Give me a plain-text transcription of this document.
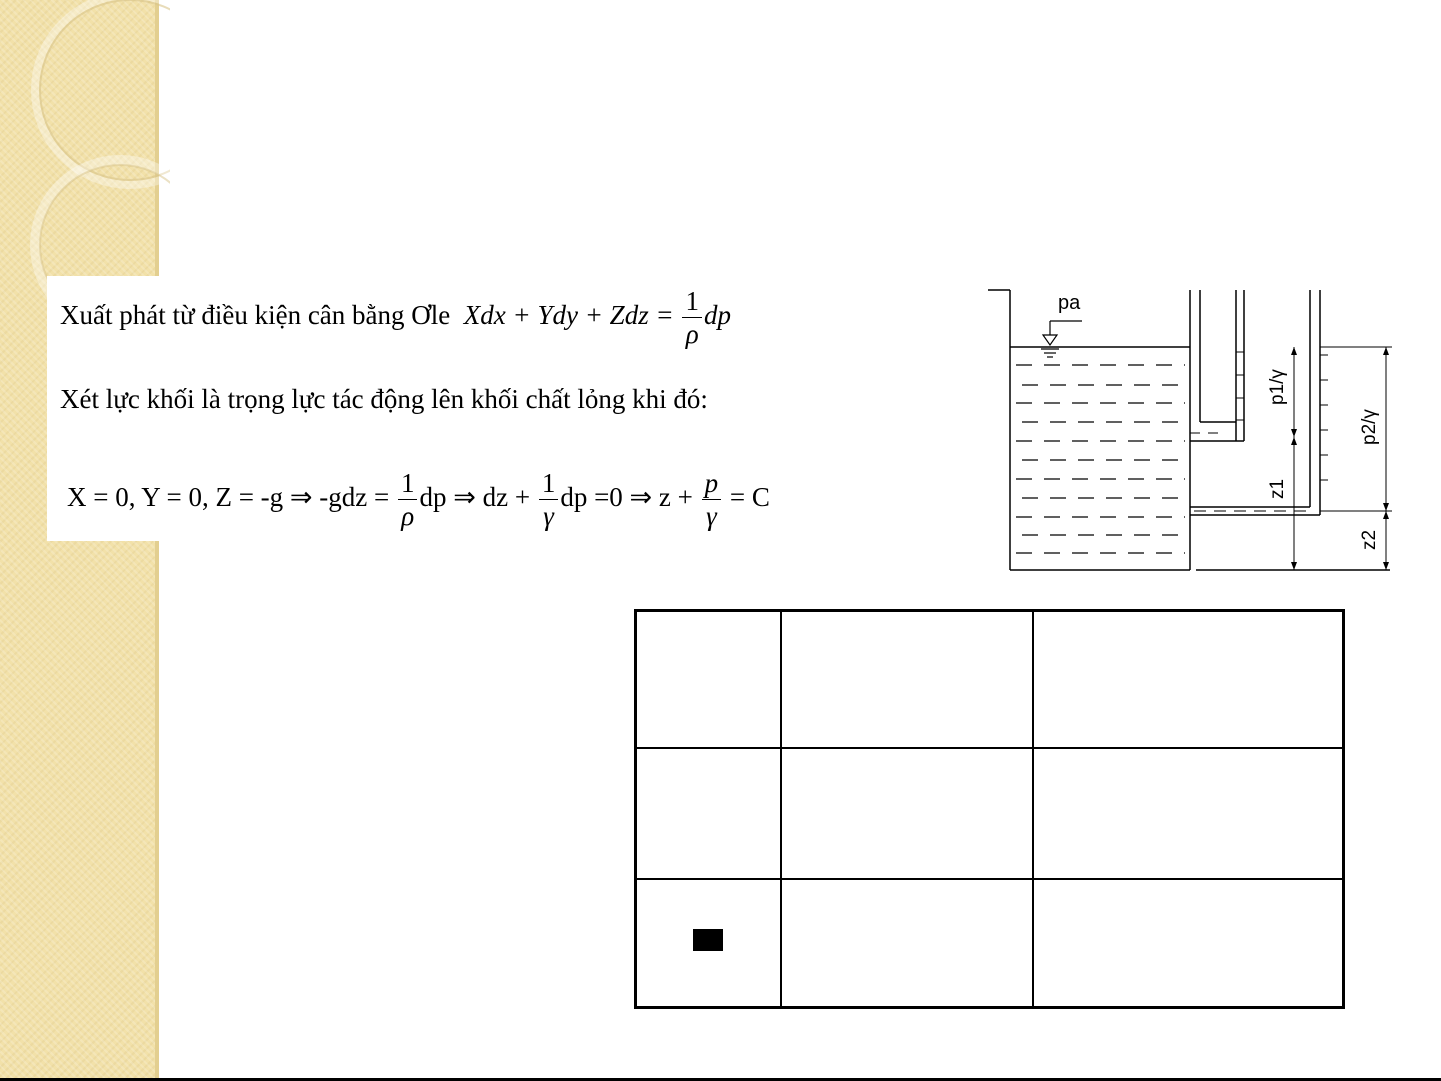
Xuất phát từ điều kiện cân bằng Ơle Xdx + Ydy + Zdz = $\frac{1}{\rho}$ dp
Xét lực khối là trọng lực tác động lên khối chất lỏng khi đó:
X = 0, Y = 0, Z = -g ⇒ $-gdz = \frac{1}{\rho}$ dp ⇒ dz + $\frac{1}{\gamma}$ dp =0 ⇒ $z + \frac{p}{\gamma} = C$
pa
p1/γ
z1
p2/γ
z2
